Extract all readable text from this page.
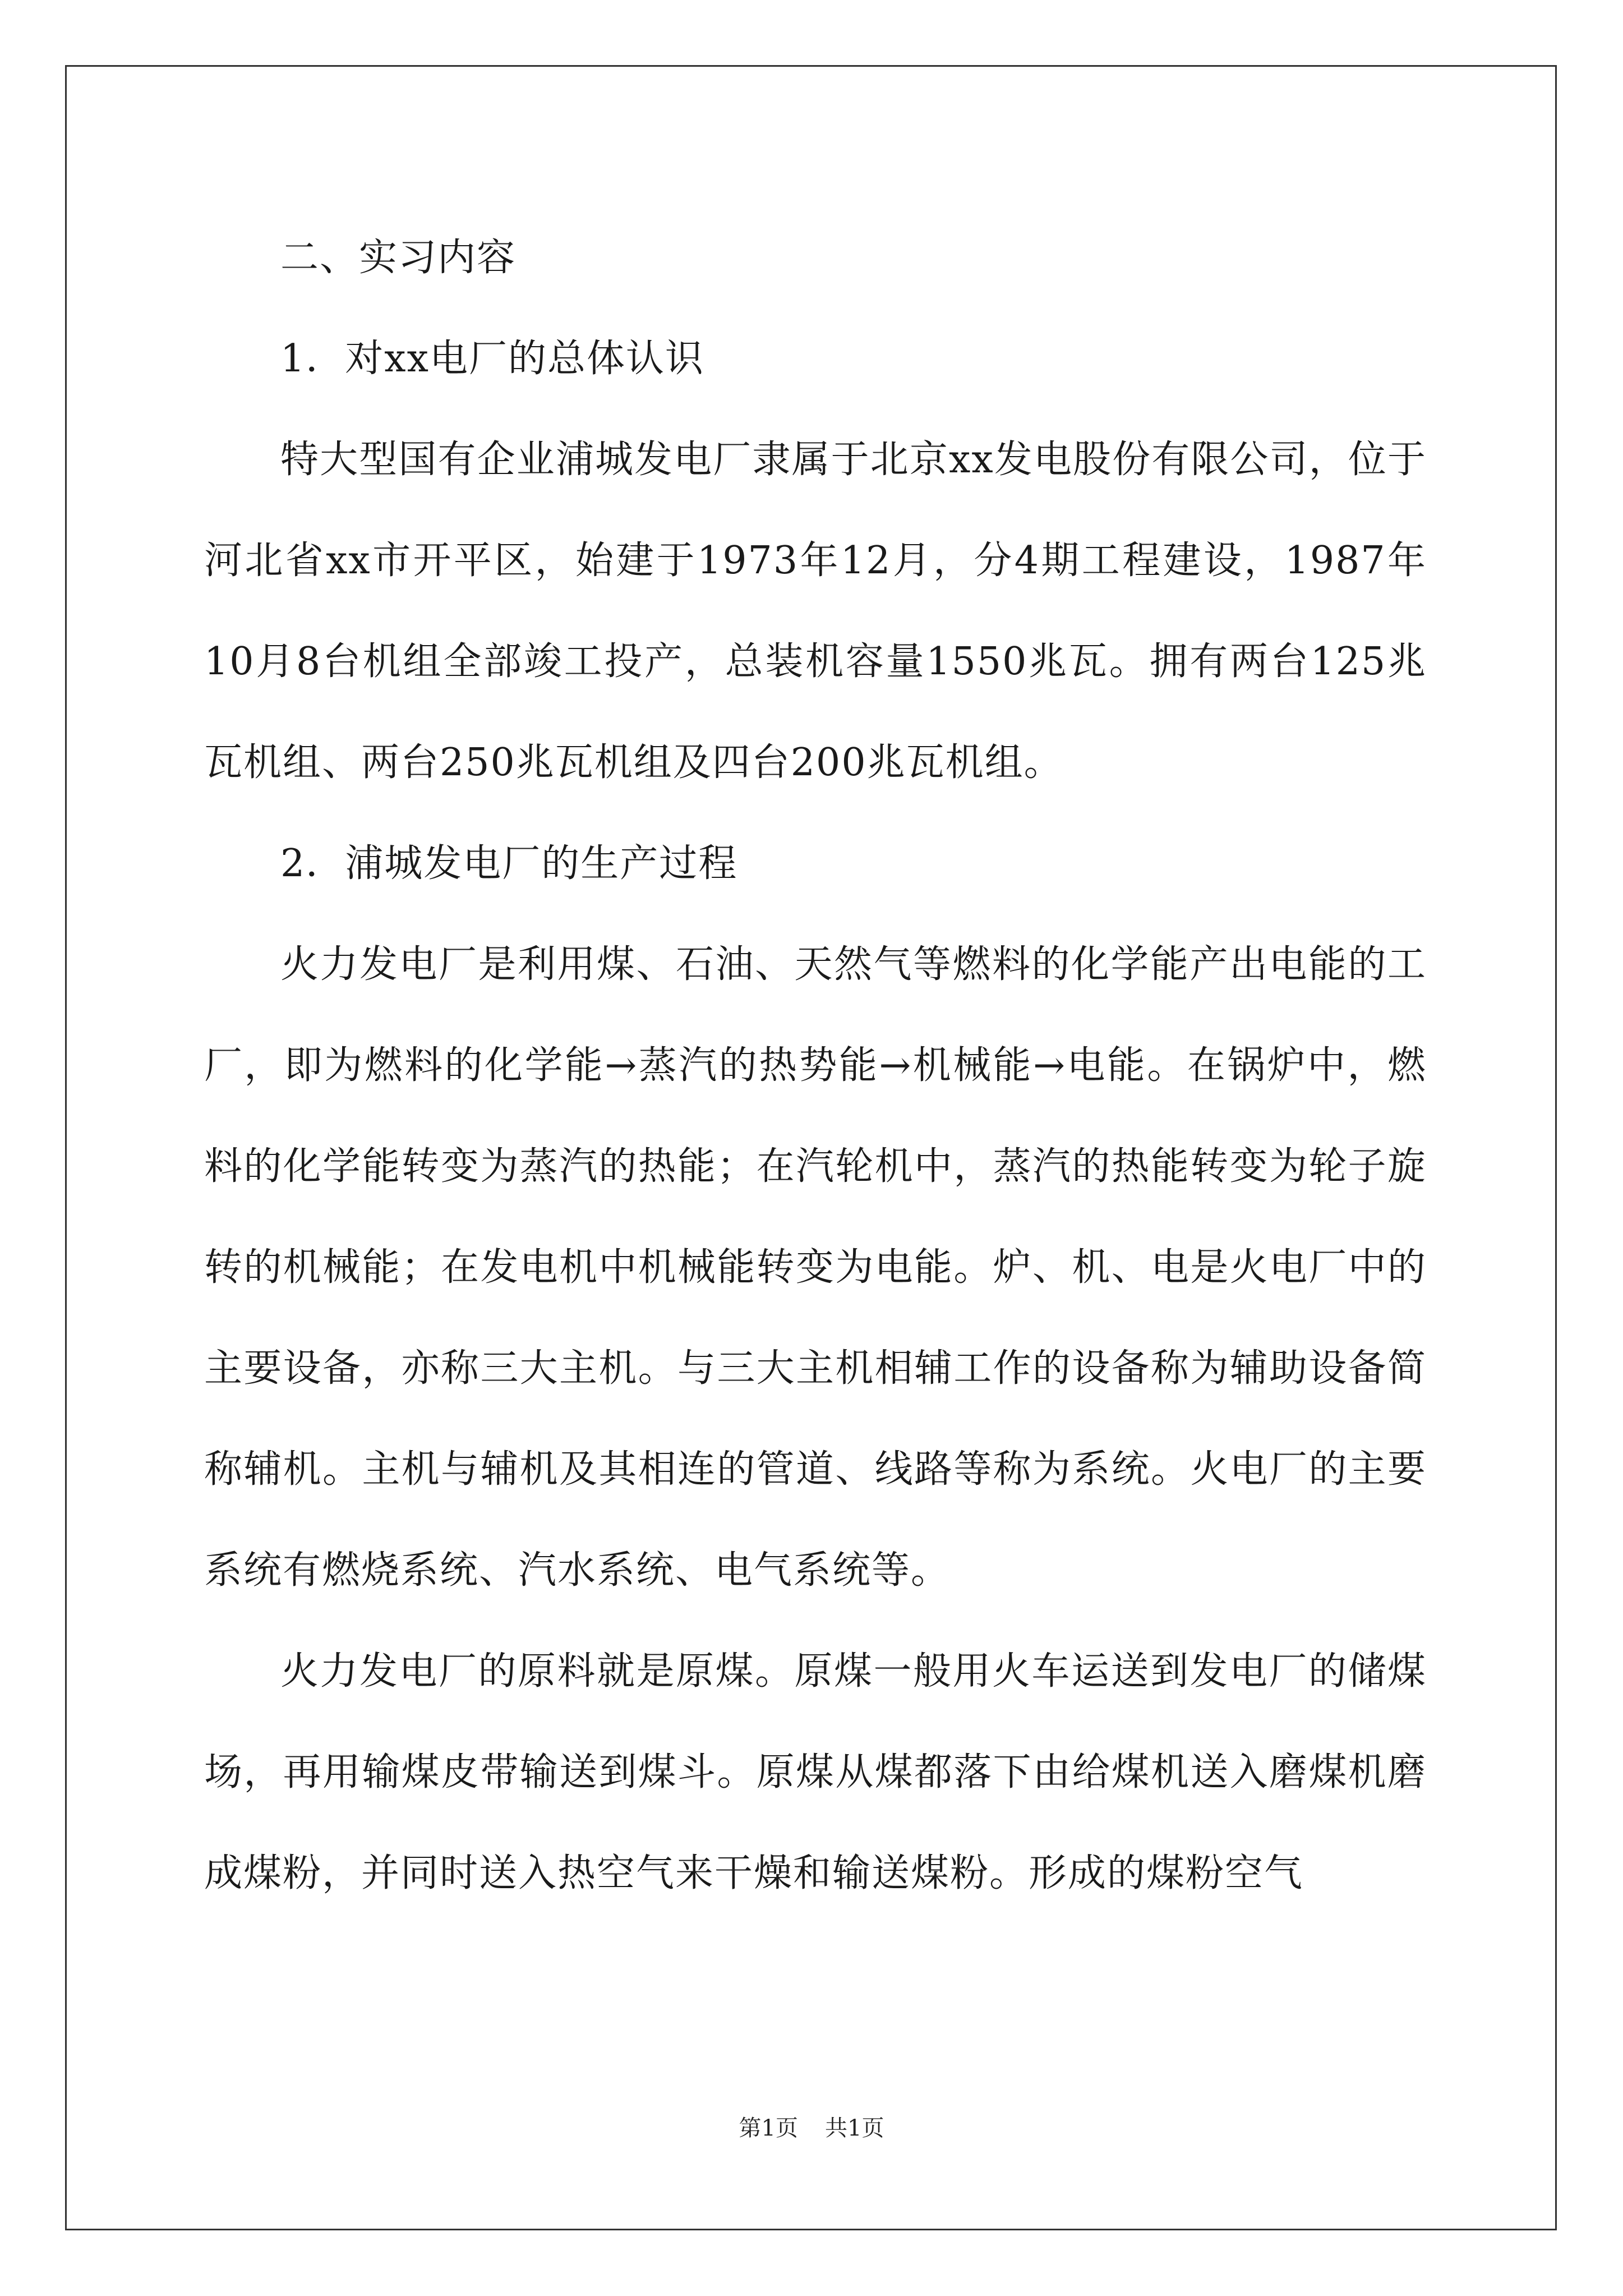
二、实习内容

1．对xx电厂的总体认识

特大型国有企业浦城发电厂隶属于北京xx发电股份有限公司，位于河北省xx市开平区，始建于1973年12月，分4期工程建设，1987年10月8台机组全部竣工投产，总装机容量1550兆瓦。拥有两台125兆瓦机组、两台250兆瓦机组及四台200兆瓦机组。

2．浦城发电厂的生产过程

火力发电厂是利用煤、石油、天然气等燃料的化学能产出电能的工厂，即为燃料的化学能→蒸汽的热势能→机械能→电能。在锅炉中，燃料的化学能转变为蒸汽的热能；在汽轮机中，蒸汽的热能转变为轮子旋转的机械能；在发电机中机械能转变为电能。炉、机、电是火电厂中的主要设备，亦称三大主机。与三大主机相辅工作的设备称为辅助设备简称辅机。主机与辅机及其相连的管道、线路等称为系统。火电厂的主要系统有燃烧系统、汽水系统、电气系统等。

火力发电厂的原料就是原煤。原煤一般用火车运送到发电厂的储煤场，再用输煤皮带输送到煤斗。原煤从煤都落下由给煤机送入磨煤机磨成煤粉，并同时送入热空气来干燥和输送煤粉。形成的煤粉空气

第1页 共1页
